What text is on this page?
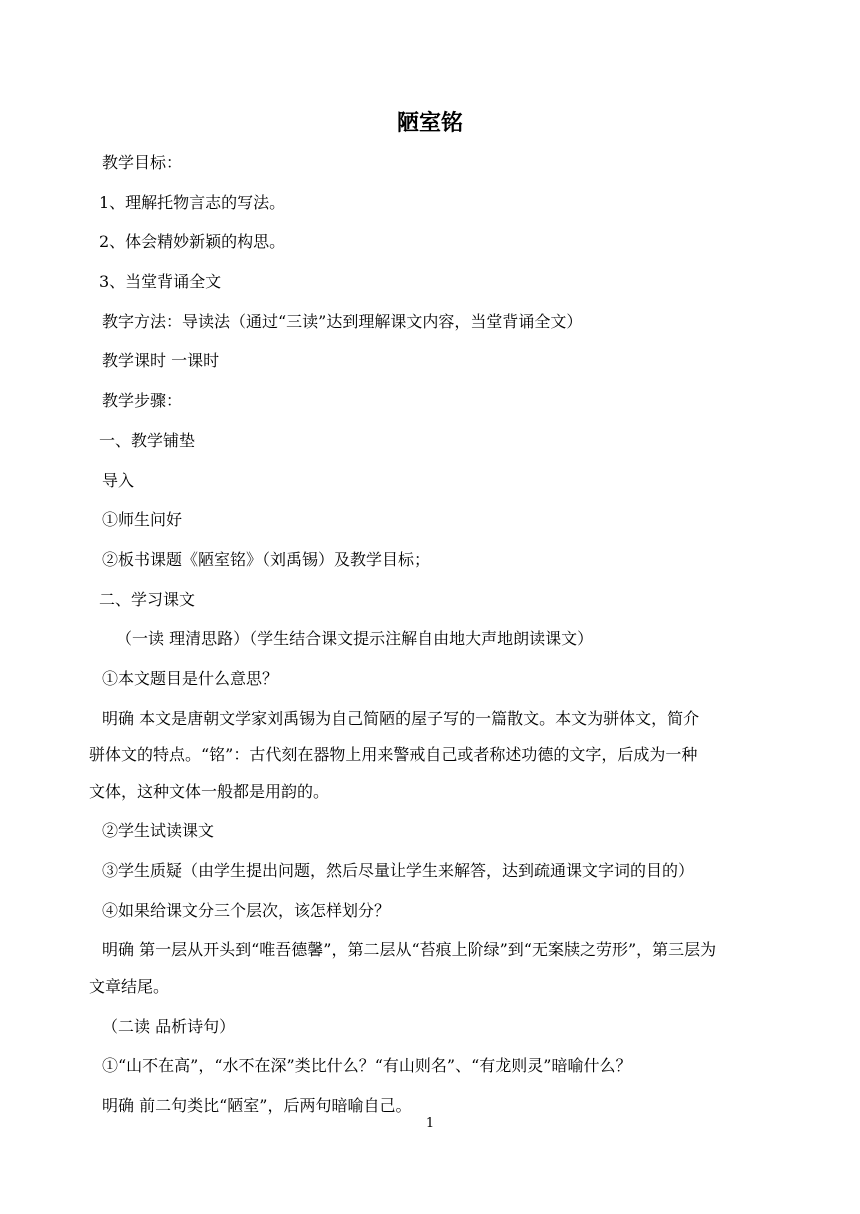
陋室铭
教学目标：
1、理解托物言志的写法。
2、体会精妙新颖的构思。
3、当堂背诵全文
教字方法：导读法（通过“三读”达到理解课文内容，当堂背诵全文）
教学课时 一课时
教学步骤：
一、教学铺垫
导入
①师生问好
②板书课题《陋室铭》（刘禹锡）及教学目标；
二、学习课文
（一读 理清思路）（学生结合课文提示注解自由地大声地朗读课文）
①本文题目是什么意思？
明确 本文是唐朝文学家刘禹锡为自己简陋的屋子写的一篇散文。本文为骈体文，简介
骈体文的特点。“铭”：古代刻在器物上用来警戒自己或者称述功德的文字，后成为一种
文体，这种文体一般都是用韵的。
②学生试读课文
③学生质疑（由学生提出问题，然后尽量让学生来解答，达到疏通课文字词的目的）
④如果给课文分三个层次，该怎样划分？
明确 第一层从开头到“唯吾德馨”，第二层从“苔痕上阶绿”到“无案牍之劳形”，第三层为
文章结尾。
（二读 品析诗句）
①“山不在高”，“水不在深”类比什么？“有山则名”、“有龙则灵”暗喻什么？
明确 前二句类比“陋室”，后两句暗喻自己。
1
